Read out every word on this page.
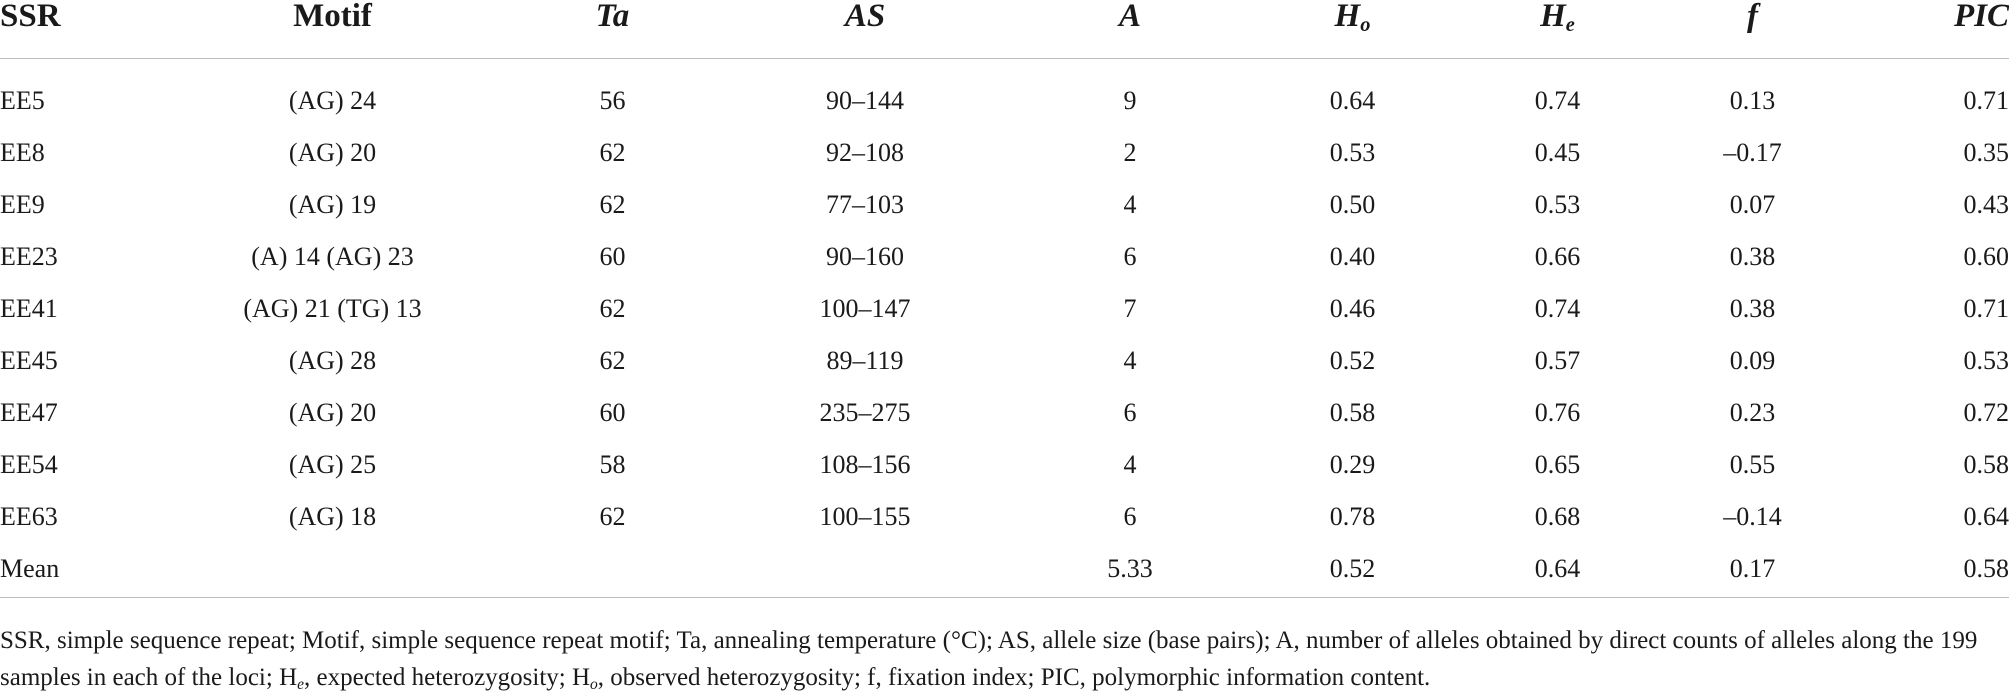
SSR	Motif	Ta	AS	A	$H_o$	$H_e$	f	PIC
EE5	(AG) 24	56	90–144	9	0.64	0.74	0.13	0.71
EE8	(AG) 20	62	92–108	2	0.53	0.45	–0.17	0.35
EE9	(AG) 19	62	77–103	4	0.50	0.53	0.07	0.43
EE23	(A) 14 (AG) 23	60	90–160	6	0.40	0.66	0.38	0.60
EE41	(AG) 21 (TG) 13	62	100–147	7	0.46	0.74	0.38	0.71
EE45	(AG) 28	62	89–119	4	0.52	0.57	0.09	0.53
EE47	(AG) 20	60	235–275	6	0.58	0.76	0.23	0.72
EE54	(AG) 25	58	108–156	4	0.29	0.65	0.55	0.58
EE63	(AG) 18	62	100–155	6	0.78	0.68	–0.14	0.64
Mean				5.33	0.52	0.64	0.17	0.58
SSR, simple sequence repeat; Motif, simple sequence repeat motif; Ta, annealing temperature (°C); AS, allele size (base pairs); A, number of alleles obtained by direct counts of alleles along the 199 samples in each of the loci; $H_e$, expected heterozygosity; $H_o$, observed heterozygosity; f, fixation index; PIC, polymorphic information content.
